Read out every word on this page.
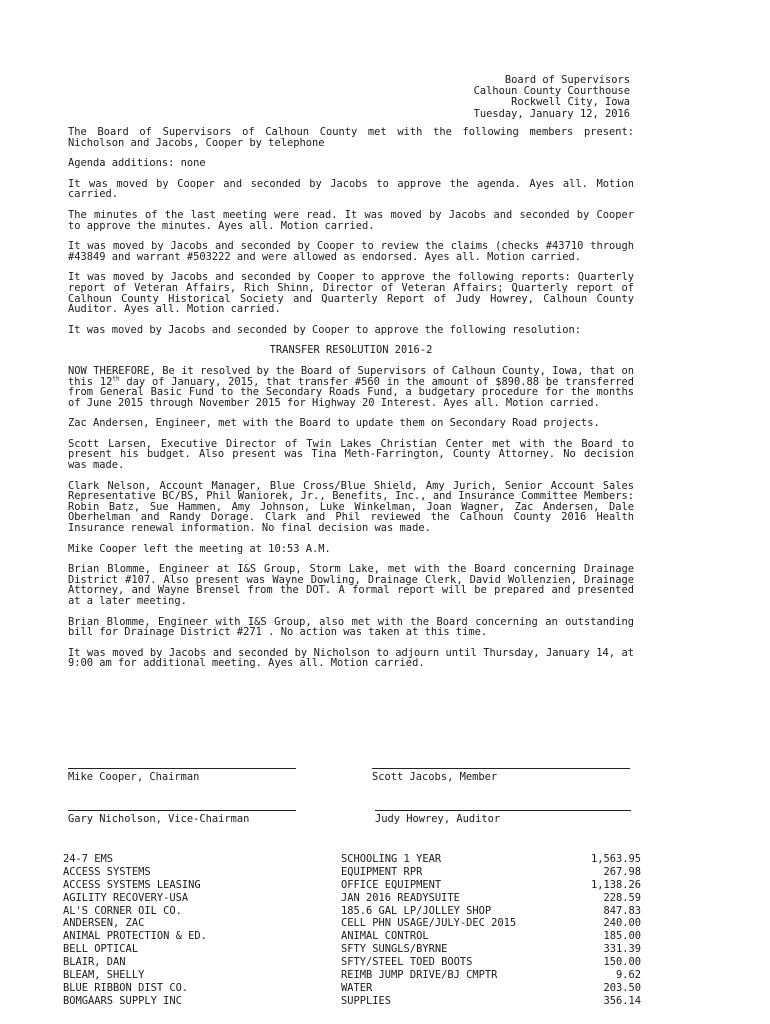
Board of Supervisors
Calhoun County Courthouse
Rockwell City, Iowa
Tuesday, January 12, 2016

The Board of Supervisors of Calhoun County met with the following members present: Nicholson and Jacobs, Cooper by telephone

Agenda additions: none

It was moved by Cooper and seconded by Jacobs to approve the agenda. Ayes all. Motion carried.

The minutes of the last meeting were read. It was moved by Jacobs and seconded by Cooper to approve the minutes. Ayes all. Motion carried.

It was moved by Jacobs and seconded by Cooper to review the claims (checks #43710 through #43849 and warrant #503222 and were allowed as endorsed. Ayes all. Motion carried.

It was moved by Jacobs and seconded by Cooper to approve the following reports: Quarterly report of Veteran Affairs, Rich Shinn, Director of Veteran Affairs; Quarterly report of Calhoun County Historical Society and Quarterly Report of Judy Howrey, Calhoun County Auditor. Ayes all. Motion carried.

It was moved by Jacobs and seconded by Cooper to approve the following resolution:

TRANSFER RESOLUTION 2016-2

NOW THEREFORE, Be it resolved by the Board of Supervisors of Calhoun County, Iowa, that on this 12th day of January, 2015, that transfer #560 in the amount of $890.88 be transferred from General Basic Fund to the Secondary Roads Fund, a budgetary procedure for the months of June 2015 through November 2015 for Highway 20 Interest. Ayes all. Motion carried.

Zac Andersen, Engineer, met with the Board to update them on Secondary Road projects.

Scott Larsen, Executive Director of Twin Lakes Christian Center met with the Board to present his budget. Also present was Tina Meth-Farrington, County Attorney. No decision was made.

Clark Nelson, Account Manager, Blue Cross/Blue Shield, Amy Jurich, Senior Account Sales Representative BC/BS, Phil Waniorek, Jr., Benefits, Inc., and Insurance Committee Members: Robin Batz, Sue Hammen, Amy Johnson, Luke Winkelman, Joan Wagner, Zac Andersen, Dale Oberhelman and Randy Dorage. Clark and Phil reviewed the Calhoun County 2016 Health Insurance renewal information. No final decision was made.

Mike Cooper left the meeting at 10:53 A.M.

Brian Blomme, Engineer at I&S Group, Storm Lake, met with the Board concerning Drainage District #107. Also present was Wayne Dowling, Drainage Clerk, David Wollenzien, Drainage Attorney, and Wayne Brensel from the DOT. A formal report will be prepared and presented at a later meeting.

Brian Blomme, Engineer with I&S Group, also met with the Board concerning an outstanding bill for Drainage District #271 . No action was taken at this time.

It was moved by Jacobs and seconded by Nicholson to adjourn until Thursday, January 14, at 9:00 am for additional meeting. Ayes all. Motion carried.

Mike Cooper, Chairman	Scott Jacobs, Member
Gary Nicholson, Vice-Chairman	Judy Howrey, Auditor
24-7 EMS	SCHOOLING 1 YEAR	1,563.95
ACCESS SYSTEMS	EQUIPMENT RPR	267.98
ACCESS SYSTEMS LEASING	OFFICE EQUIPMENT	1,138.26
AGILITY RECOVERY-USA	JAN 2016 READYSUITE	228.59
AL'S CORNER OIL CO.	185.6 GAL LP/JOLLEY SHOP	847.83
ANDERSEN, ZAC	CELL PHN USAGE/JULY-DEC 2015	240.00
ANIMAL PROTECTION & ED.	ANIMAL CONTROL	185.00
BELL OPTICAL	SFTY SUNGLS/BYRNE	331.39
BLAIR, DAN	SFTY/STEEL TOED BOOTS	150.00
BLEAM, SHELLY	REIMB JUMP DRIVE/BJ CMPTR	9.62
BLUE RIBBON DIST CO.	WATER	203.50
BOMGAARS SUPPLY INC	SUPPLIES	356.14
